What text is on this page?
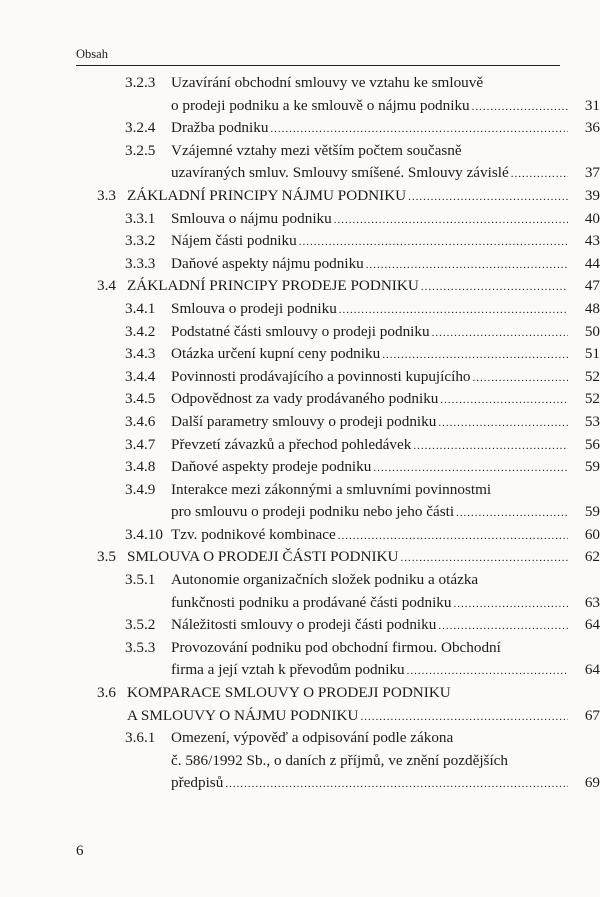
Obsah
3.2.3 Uzavírání obchodní smlouvy ve vztahu ke smlouvě
o prodeji podniku a ke smlouvě o nájmu podniku .....	31
3.2.4 Dražba podniku .....	36
3.2.5 Vzájemné vztahy mezi větším počtem současně
uzavíraných smluv. Smlouvy smíšené. Smlouvy závislé .....	37
3.3 ZÁKLADNÍ PRINCIPY NÁJMU PODNIKU .....	39
3.3.1 Smlouva o nájmu podniku .....	40
3.3.2 Nájem části podniku .....	43
3.3.3 Daňové aspekty nájmu podniku .....	44
3.4 ZÁKLADNÍ PRINCIPY PRODEJE PODNIKU .....	47
3.4.1 Smlouva o prodeji podniku .....	48
3.4.2 Podstatné části smlouvy o prodeji podniku .....	50
3.4.3 Otázka určení kupní ceny podniku .....	51
3.4.4 Povinnosti prodávajícího a povinnosti kupujícího .....	52
3.4.5 Odpovědnost za vady prodávaného podniku .....	52
3.4.6 Další parametry smlouvy o prodeji podniku .....	53
3.4.7 Převzetí závazků a přechod pohledávek .....	56
3.4.8 Daňové aspekty prodeje podniku .....	59
3.4.9 Interakce mezi zákonnými a smluvními povinnostmi
pro smlouvu o prodeji podniku nebo jeho části .....	59
3.4.10 Tzv. podnikové kombinace .....	60
3.5 SMLOUVA O PRODEJI ČÁSTI PODNIKU .....	62
3.5.1 Autonomie organizačních složek podniku a otázka
funkčnosti podniku a prodávané části podniku .....	63
3.5.2 Náležitosti smlouvy o prodeji části podniku .....	64
3.5.3 Provozování podniku pod obchodní firmou. Obchodní
firma a její vztah k převodům podniku .....	64
3.6 KOMPARACE SMLOUVY O PRODEJI PODNIKU
A SMLOUVY O NÁJMU PODNIKU .....	67
3.6.1 Omezení, výpověď a odpisování podle zákona
č. 586/1992 Sb., o daních z příjmů, ve znění pozdějších
předpisů .....	69
6
